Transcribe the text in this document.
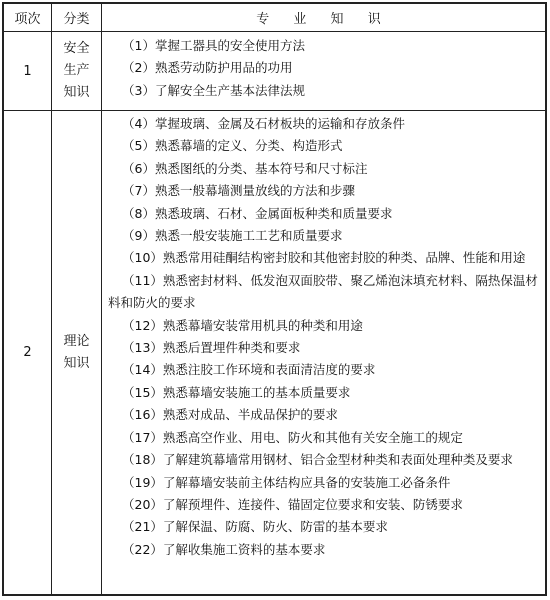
项次	分类	专 业 知 识
1
安全
生产
知识
（1）掌握工器具的安全使用方法
（2）熟悉劳动防护用品的功用
（3）了解安全生产基本法律法规
2
理论
知识
（4）掌握玻璃、金属及石材板块的运输和存放条件
（5）熟悉幕墙的定义、分类、构造形式
（6）熟悉图纸的分类、基本符号和尺寸标注
（7）熟悉一般幕墙测量放线的方法和步骤
（8）熟悉玻璃、石材、金属面板种类和质量要求
（9）熟悉一般安装施工工艺和质量要求
（10）熟悉常用硅酮结构密封胶和其他密封胶的种类、品牌、性能和用途
（11）熟悉密封材料、低发泡双面胶带、聚乙烯泡沫填充材料、隔热保温材料和防火的要求
（12）熟悉幕墙安装常用机具的种类和用途
（13）熟悉后置埋件种类和要求
（14）熟悉注胶工作环境和表面清洁度的要求
（15）熟悉幕墙安装施工的基本质量要求
（16）熟悉对成品、半成品保护的要求
（17）熟悉高空作业、用电、防火和其他有关安全施工的规定
（18）了解建筑幕墙常用钢材、铝合金型材种类和表面处理种类及要求
（19）了解幕墙安装前主体结构应具备的安装施工必备条件
（20）了解预埋件、连接件、锚固定位要求和安装、防锈要求
（21）了解保温、防腐、防火、防雷的基本要求
（22）了解收集施工资料的基本要求
